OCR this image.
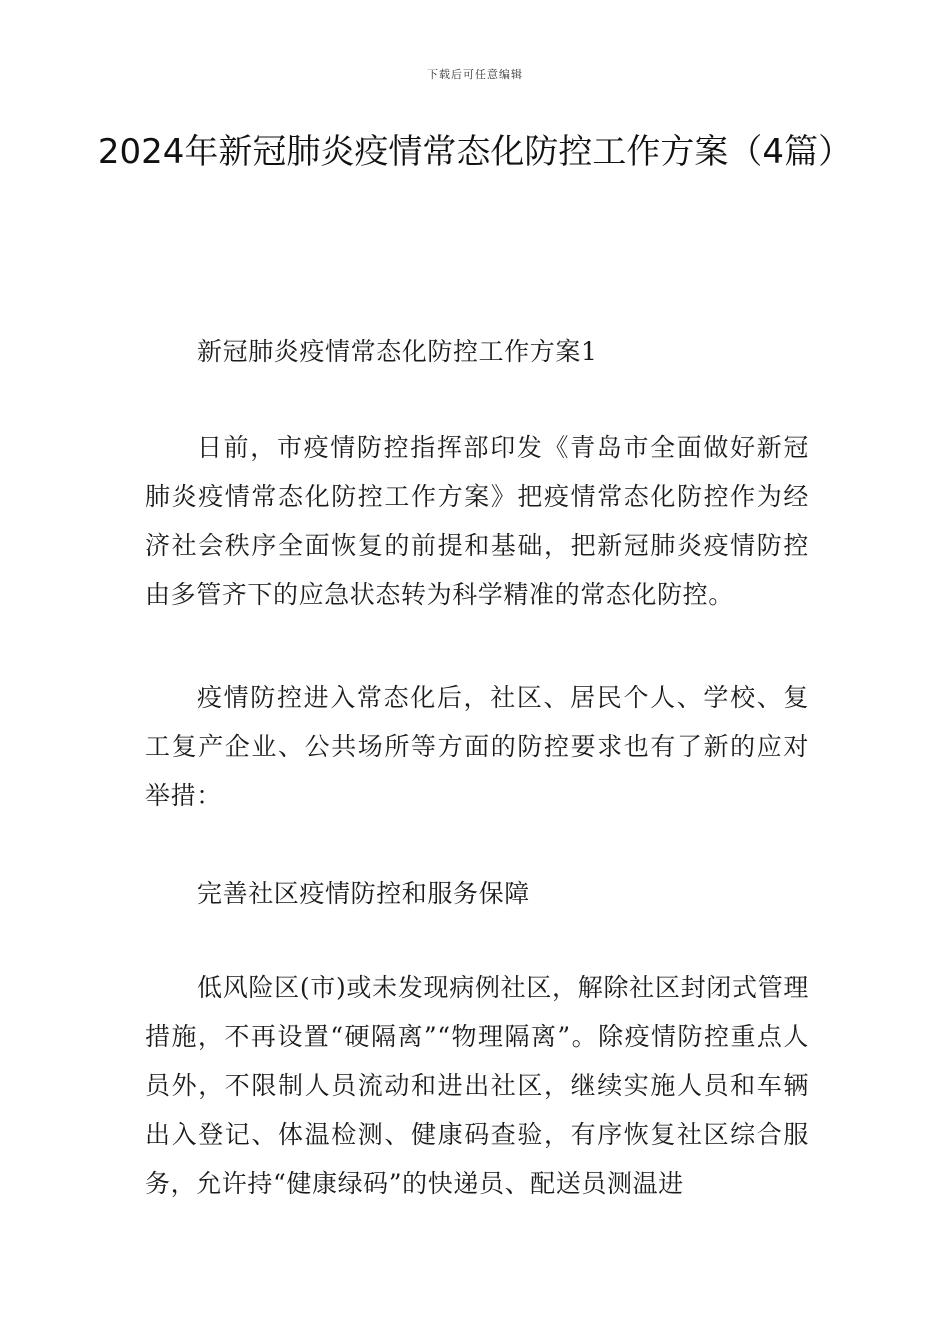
下载后可任意编辑
2024年新冠肺炎疫情常态化防控工作方案（4篇）

新冠肺炎疫情常态化防控工作方案1

日前，市疫情防控指挥部印发《青岛市全面做好新冠肺炎疫情常态化防控工作方案》把疫情常态化防控作为经济社会秩序全面恢复的前提和基础，把新冠肺炎疫情防控由多管齐下的应急状态转为科学精准的常态化防控。

疫情防控进入常态化后，社区、居民个人、学校、复工复产企业、公共场所等方面的防控要求也有了新的应对举措：

完善社区疫情防控和服务保障

低风险区(市)或未发现病例社区，解除社区封闭式管理措施，不再设置“硬隔离”“物理隔离”。除疫情防控重点人员外，不限制人员流动和进出社区，继续实施人员和车辆出入登记、体温检测、健康码查验，有序恢复社区综合服务，允许持“健康绿码”的快递员、配送员测温进
